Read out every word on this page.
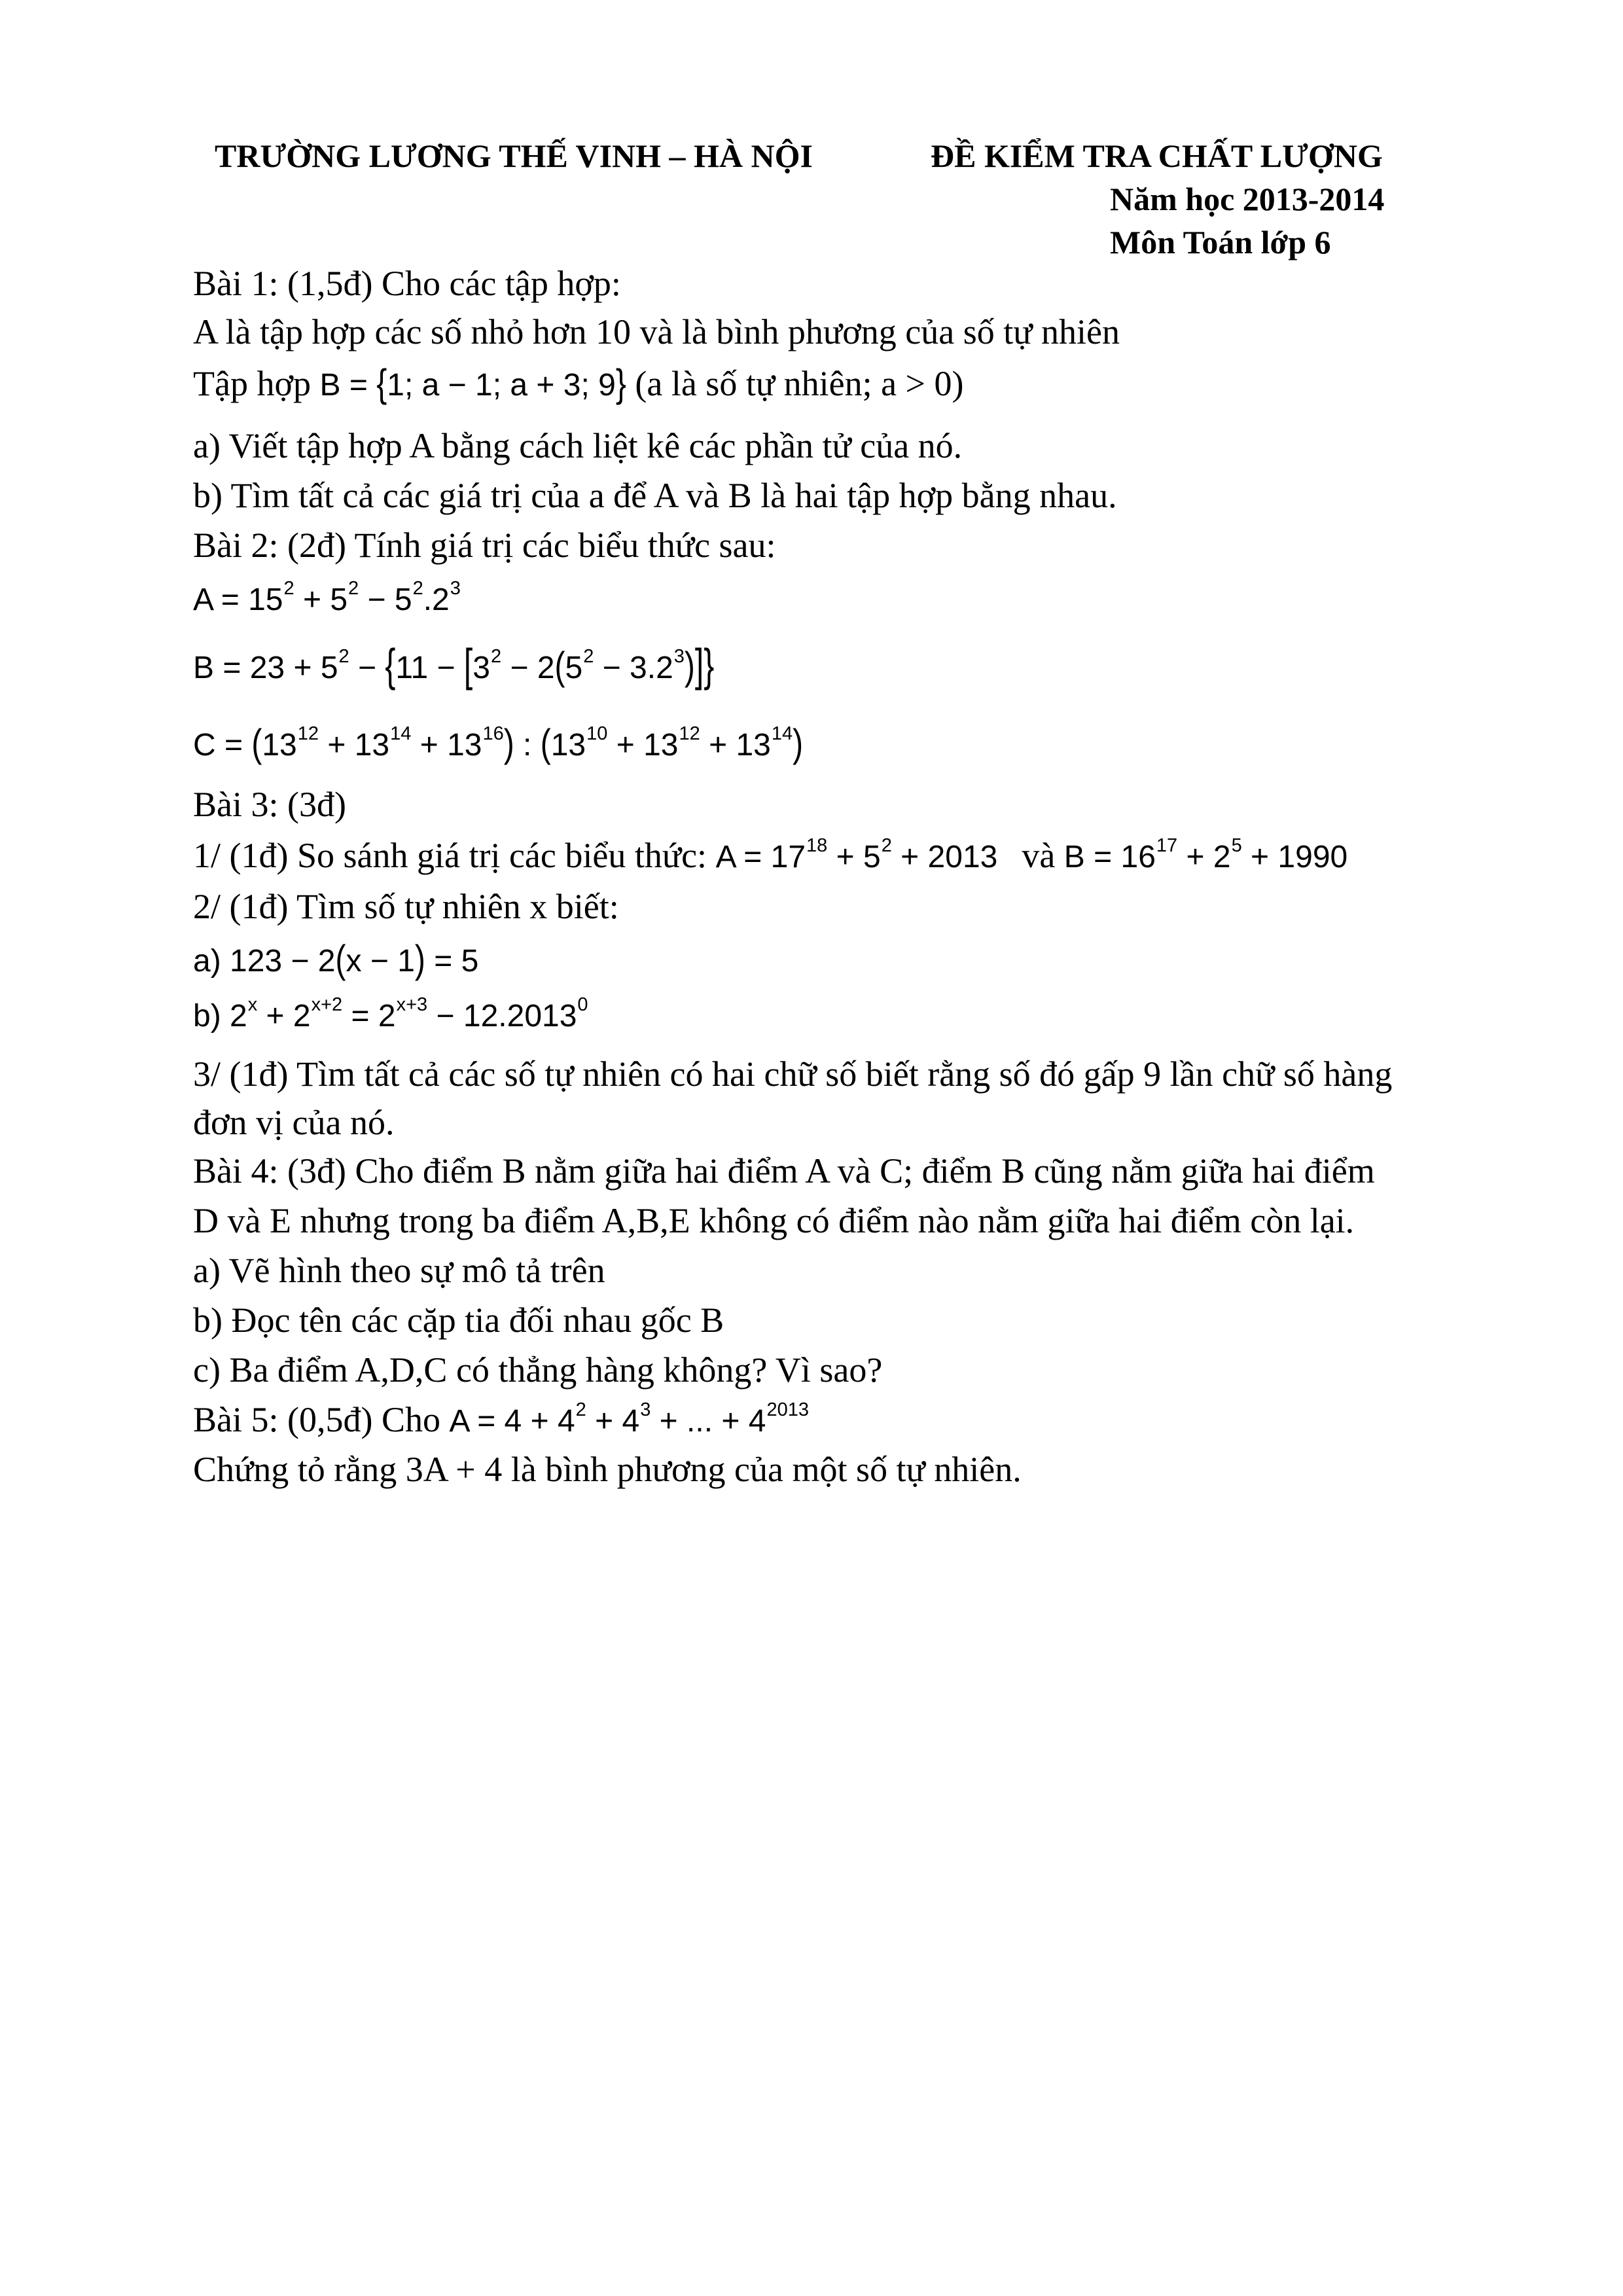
TRƯỜNG LƯƠNG THẾ VINH – HÀ NỘI	ĐỀ KIỂM TRA CHẤT LƯỢNG
Năm học 2013-2014
Môn Toán lớp 6
Bài 1: (1,5đ) Cho các tập hợp:
A là tập hợp các số nhỏ hơn 10 và là bình phương của số tự nhiên
Tập hợp B = {1; a − 1; a + 3; 9} (a là số tự nhiên; a > 0)
a) Viết tập hợp A bằng cách liệt kê các phần tử của nó.
b) Tìm tất cả các giá trị của a để A và B là hai tập hợp bằng nhau.
Bài 2: (2đ) Tính giá trị các biểu thức sau:
$A = 15^2 + 5^2 - 5^2.2^3$
$B = 23 + 5^2 - \{11 - [3^2 - 2(5^2 - 3.2^3)]\}$
$C = (13^{12} + 13^{14} + 13^{16})$ : $(13^{10} + 13^{12} + 13^{14})$
Bài 3: (3đ)
1/ (1đ) So sánh giá trị các biểu thức: $A = 17^{18} + 5^2 + 2013$ và $B = 16^{17} + 2^5 + 1990$
2/ (1đ) Tìm số tự nhiên x biết:
a) 123 − 2(x − 1) = 5
b) $2^x + 2^{x+2} = 2^{x+3} - 12.2013^0$
3/ (1đ) Tìm tất cả các số tự nhiên có hai chữ số biết rằng số đó gấp 9 lần chữ số hàng
đơn vị của nó.
Bài 4: (3đ) Cho điểm B nằm giữa hai điểm A và C; điểm B cũng nằm giữa hai điểm
D và E nhưng trong ba điểm A,B,E không có điểm nào nằm giữa hai điểm còn lại.
a) Vẽ hình theo sự mô tả trên
b) Đọc tên các cặp tia đối nhau gốc B
c) Ba điểm A,D,C có thẳng hàng không? Vì sao?
Bài 5: (0,5đ) Cho $A = 4 + 4^2 + 4^3$ + ... + $4^{2013}$
Chứng tỏ rằng 3A + 4 là bình phương của một số tự nhiên.
